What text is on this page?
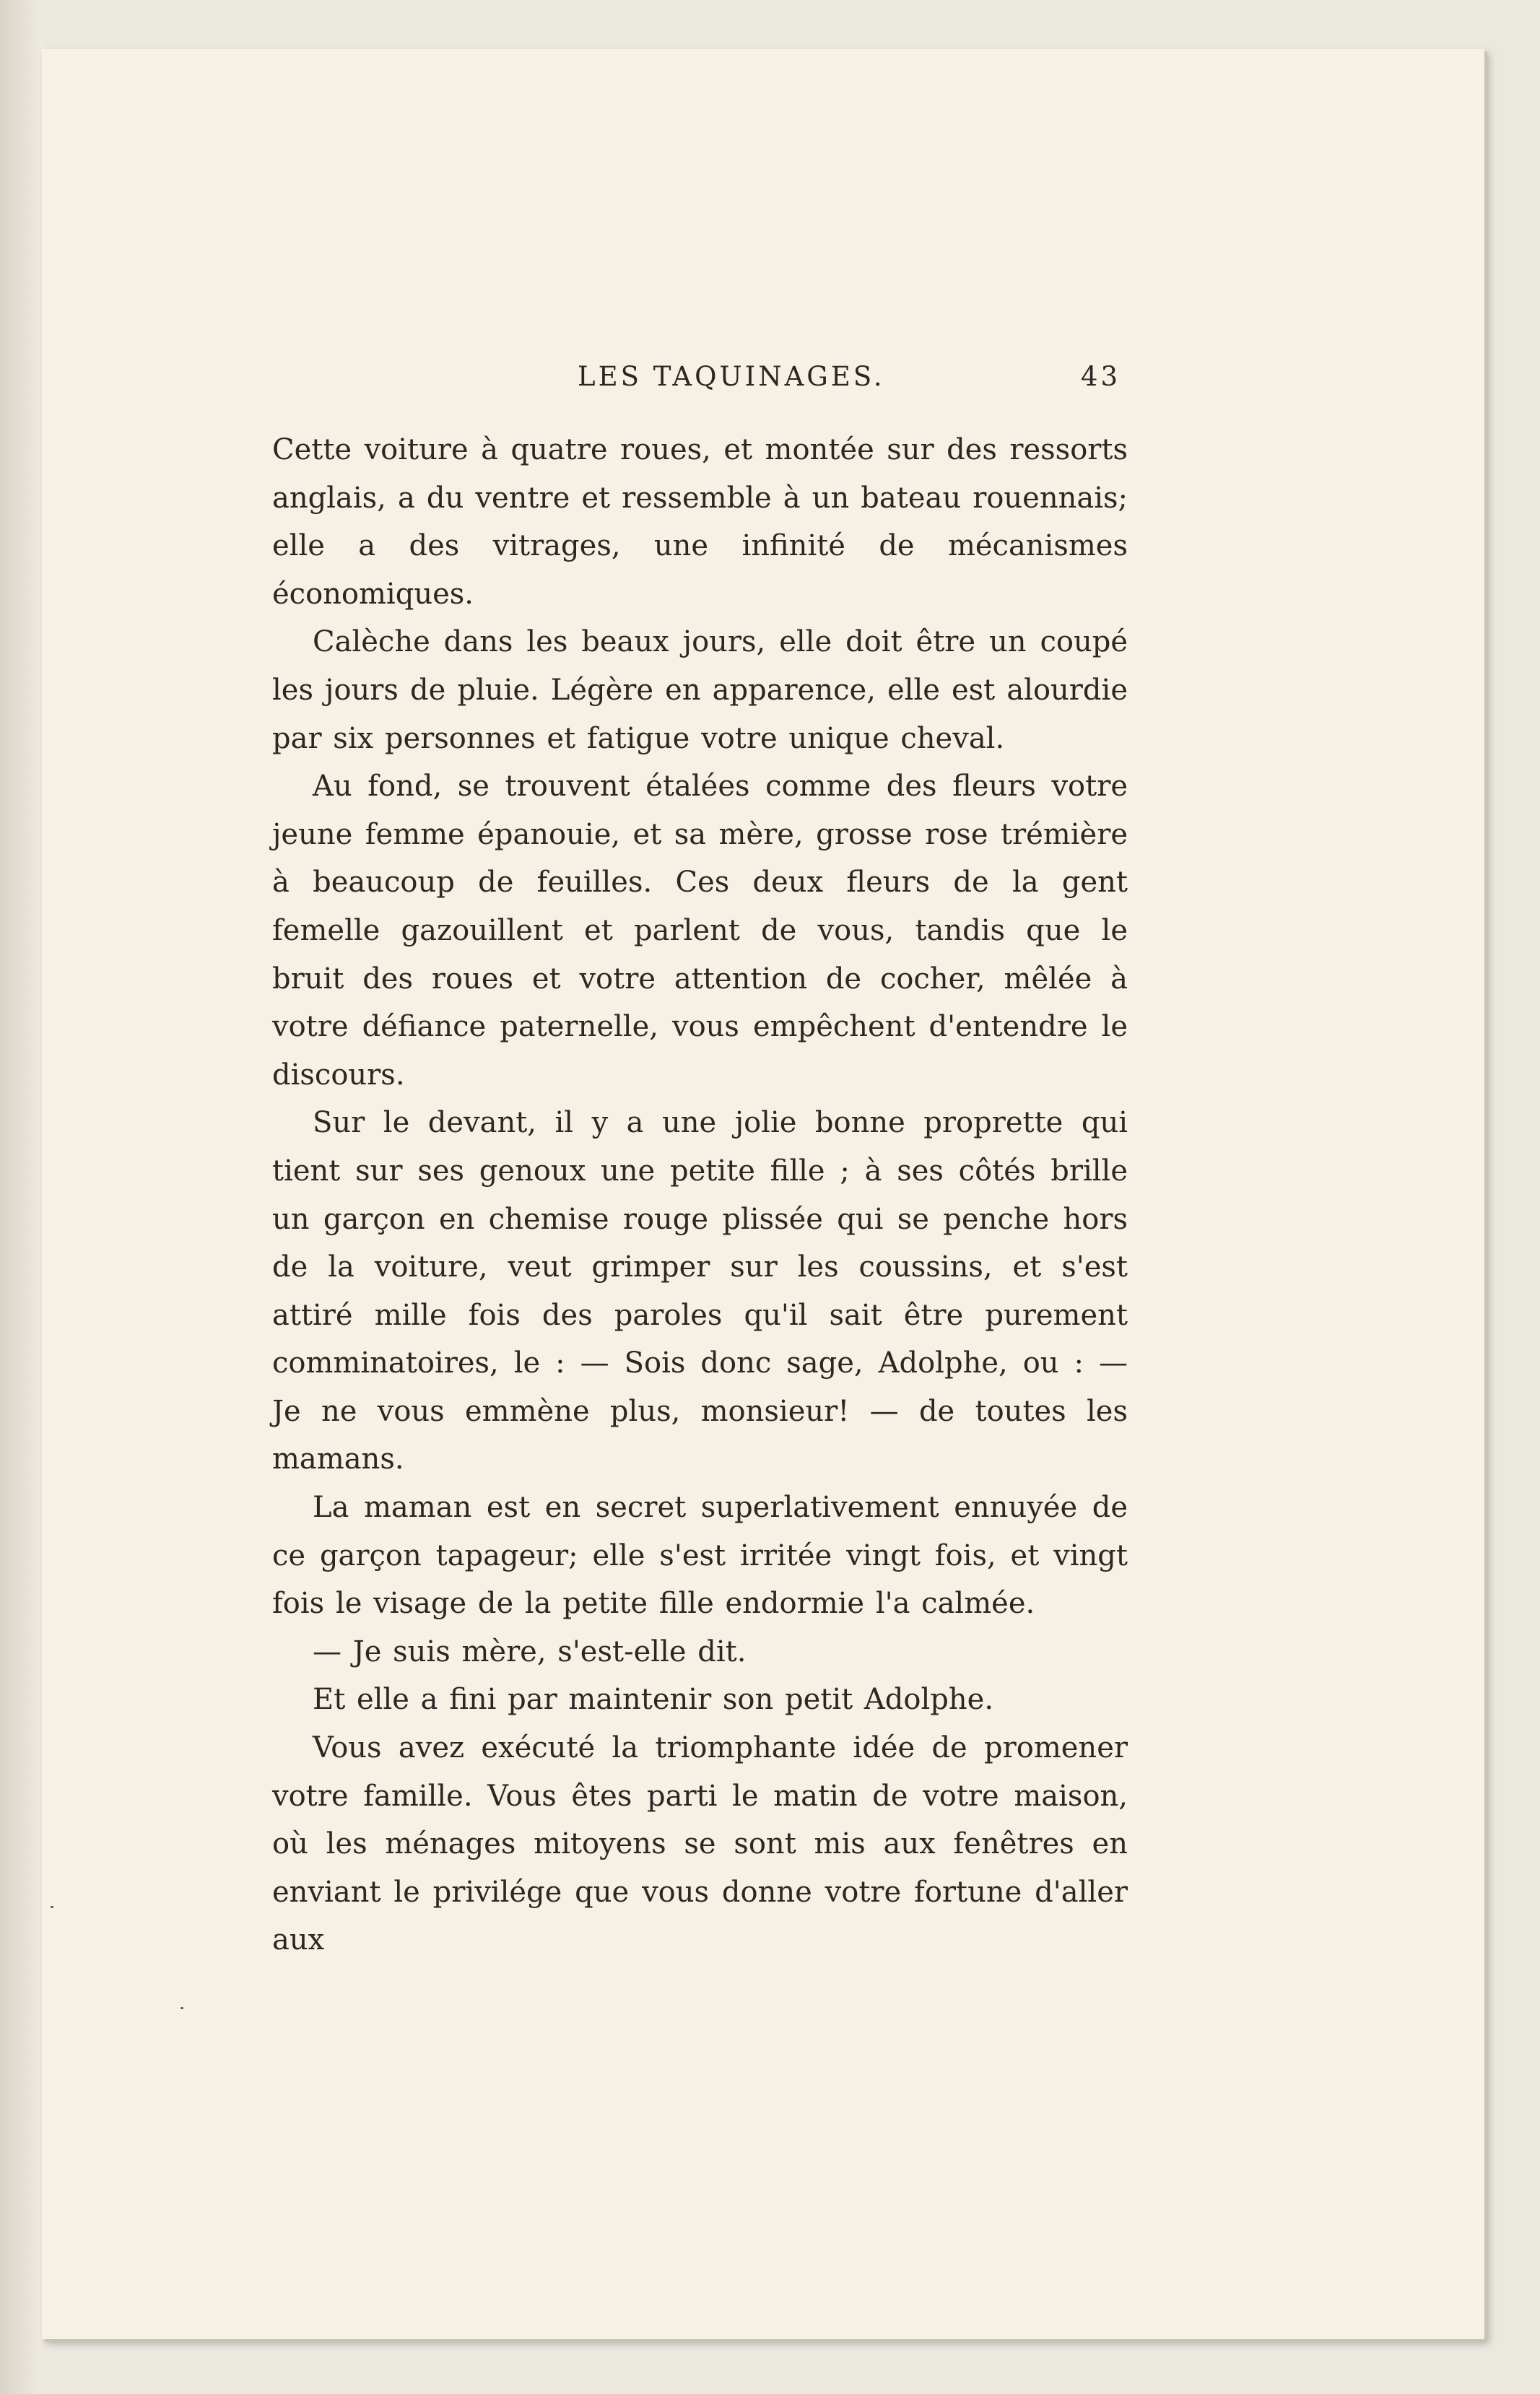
LES TAQUINAGES.	43

Cette voiture à quatre roues, et montée sur des ressorts anglais, a du ventre et ressemble à un bateau rouennais; elle a des vitrages, une infinité de mécanismes économiques.

Calèche dans les beaux jours, elle doit être un coupé les jours de pluie. Légère en apparence, elle est alourdie par six personnes et fatigue votre unique cheval.

Au fond, se trouvent étalées comme des fleurs votre jeune femme épanouie, et sa mère, grosse rose trémière à beaucoup de feuilles. Ces deux fleurs de la gent femelle gazouillent et parlent de vous, tandis que le bruit des roues et votre attention de cocher, mêlée à votre défiance paternelle, vous empêchent d'entendre le discours.

Sur le devant, il y a une jolie bonne proprette qui tient sur ses genoux une petite fille ; à ses côtés brille un garçon en chemise rouge plissée qui se penche hors de la voiture, veut grimper sur les coussins, et s'est attiré mille fois des paroles qu'il sait être purement comminatoires, le : — Sois donc sage, Adolphe, ou : — Je ne vous emmène plus, monsieur! — de toutes les mamans.

La maman est en secret superlativement ennuyée de ce garçon tapageur; elle s'est irritée vingt fois, et vingt fois le visage de la petite fille endormie l'a calmée.

— Je suis mère, s'est-elle dit.

Et elle a fini par maintenir son petit Adolphe.

Vous avez exécuté la triomphante idée de promener votre famille. Vous êtes parti le matin de votre maison, où les ménages mitoyens se sont mis aux fenêtres en enviant le privilége que vous donne votre fortune d'aller aux
